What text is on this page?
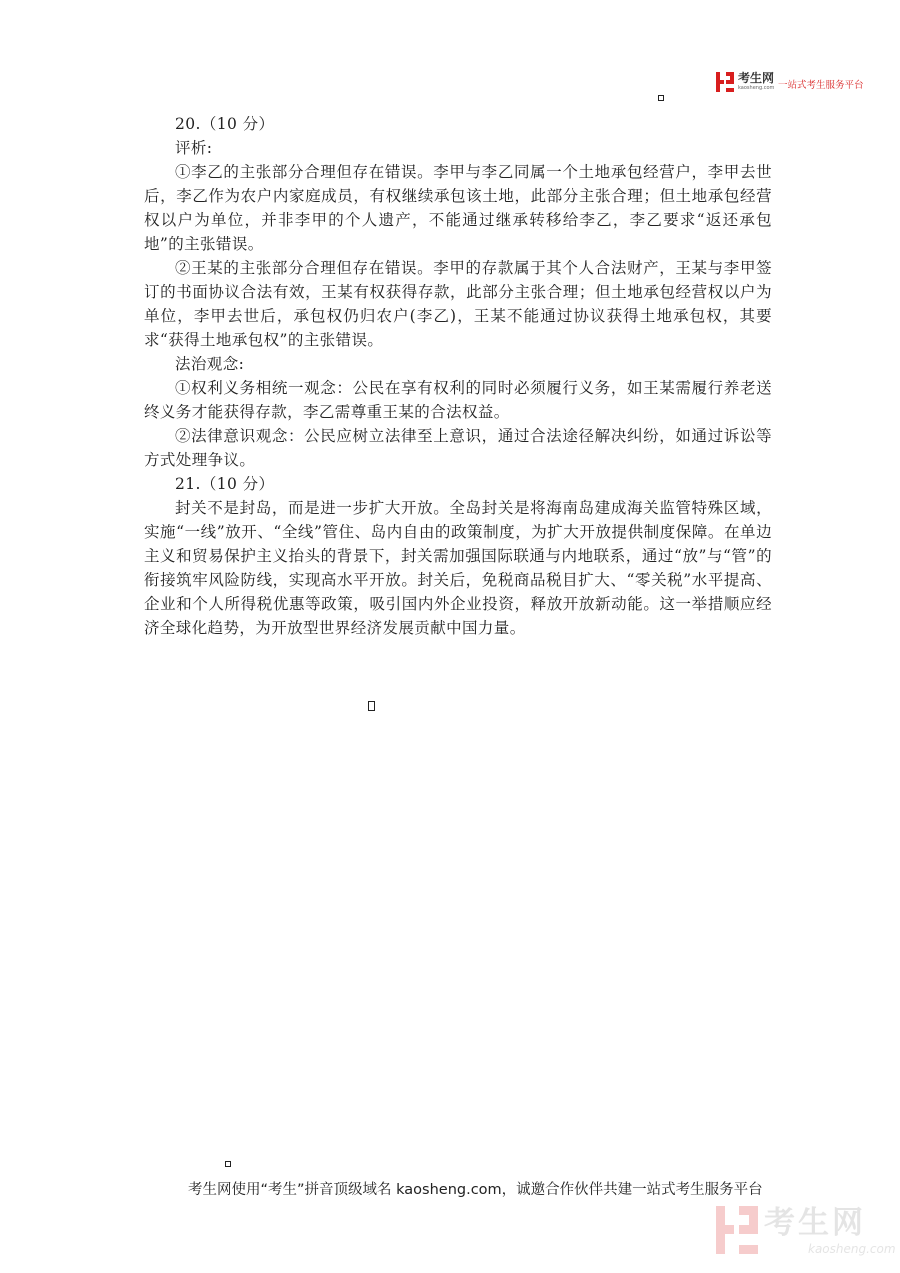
考生网
kaosheng.com 一站式考生服务平台

20.（10 分）

评析:

①李乙的主张部分合理但存在错误。李甲与李乙同属一个土地承包经营户，李甲去世后，李乙作为农户内家庭成员，有权继续承包该土地，此部分主张合理；但土地承包经营权以户为单位，并非李甲的个人遗产，不能通过继承转移给李乙，李乙要求“返还承包地”的主张错误。

②王某的主张部分合理但存在错误。李甲的存款属于其个人合法财产，王某与李甲签订的书面协议合法有效，王某有权获得存款，此部分主张合理；但土地承包经营权以户为单位，李甲去世后，承包权仍归农户(李乙)，王某不能通过协议获得土地承包权，其要求“获得土地承包权”的主张错误。

法治观念:

①权利义务相统一观念：公民在享有权利的同时必须履行义务，如王某需履行养老送终义务才能获得存款，李乙需尊重王某的合法权益。

②法律意识观念：公民应树立法律至上意识，通过合法途径解决纠纷，如通过诉讼等方式处理争议。

21.（10 分）

封关不是封岛，而是进一步扩大开放。全岛封关是将海南岛建成海关监管特殊区域，实施“一线”放开、“全线”管住、岛内自由的政策制度，为扩大开放提供制度保障。在单边主义和贸易保护主义抬头的背景下，封关需加强国际联通与内地联系，通过“放”与“管”的衔接筑牢风险防线，实现高水平开放。封关后，免税商品税目扩大、“零关税”水平提高、企业和个人所得税优惠等政策，吸引国内外企业投资，释放开放新动能。这一举措顺应经济全球化趋势，为开放型世界经济发展贡献中国力量。

考生网使用“考生”拼音顶级域名 kaosheng.com，诚邀合作伙伴共建一站式考生服务平台
考生网
kaosheng.com
